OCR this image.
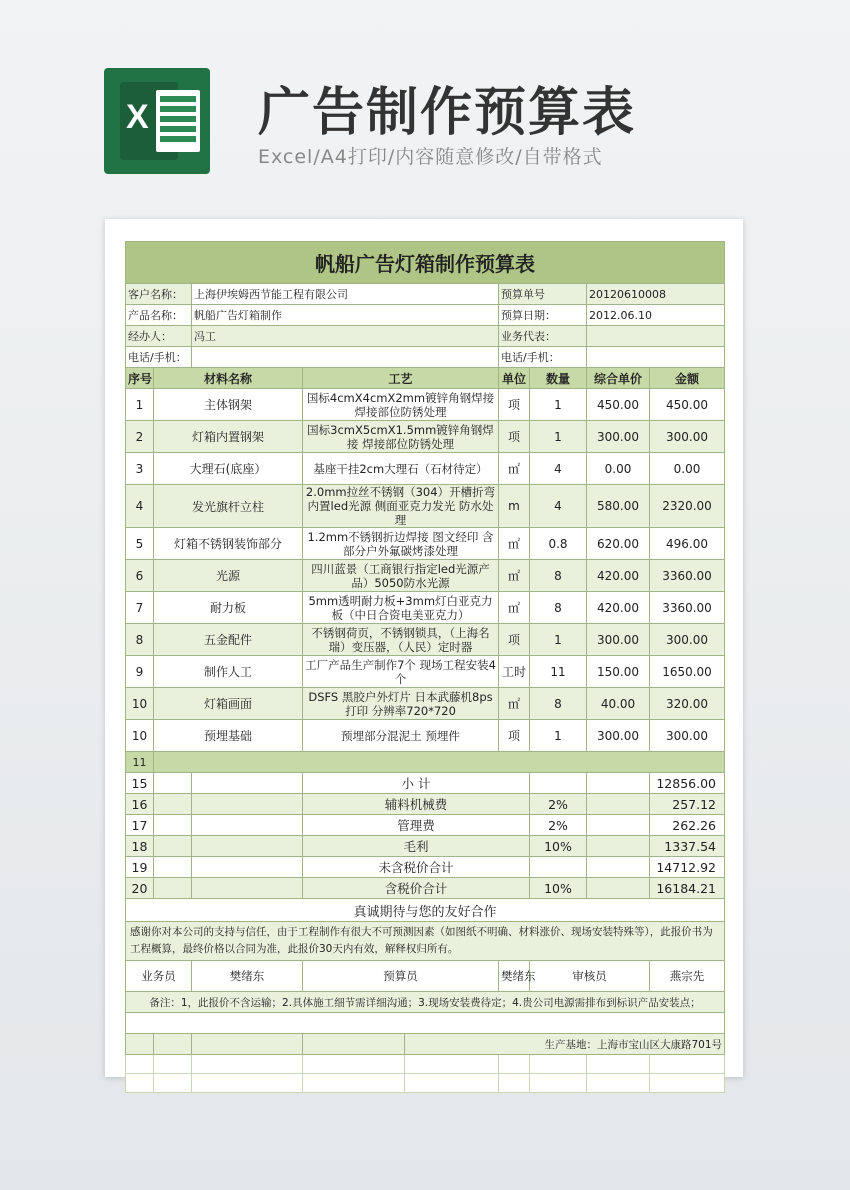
X 广告制作预算表
Excel/A4打印/内容随意修改/自带格式
帆船广告灯箱制作预算表								
客户名称：		上海伊埃姆西节能工程有限公司			预算单号		20120610008	
产品名称：		帆船广告灯箱制作			预算日期：		2012.06.10	
经办人：		冯工			业务代表：			
电话/手机：					电话/手机：			
序号	材料名称		工艺		单位	数量	综合单价	金额
1	主体钢架		国标4cmX4cmX2mm镀锌角钢焊接 焊接部位防锈处理		项	1	450.00	450.00
2	灯箱内置钢架		国标3cmX5cmX1.5mm镀锌角钢焊接 焊接部位防锈处理		项	1	300.00	300.00
3	大理石(底座）		基座干挂2cm大理石（石材待定）		㎡	4	0.00	0.00
4	发光旗杆立柱		2.0mm拉丝不锈钢（304）开槽折弯 内置led光源 侧面亚克力发光 防水处理		m	4	580.00	2320.00
5	灯箱不锈钢装饰部分		1.2mm不锈钢折边焊接 图文经印 含部分户外氟碳烤漆处理		㎡	0.8	620.00	496.00
6	光源		四川蓝景（工商银行指定led光源产品）5050防水光源		㎡	8	420.00	3360.00
7	耐力板		5mm透明耐力板+3mm灯白亚克力板（中日合资电美亚克力）		㎡	8	420.00	3360.00
8	五金配件		不锈钢荷页，不锈钢锁具，（上海名瑞）变压器，（人民）定时器		项	1	300.00	300.00
9	制作人工		工厂产品生产制作7个 现场工程安装4个		工时	11	150.00	1650.00
10	灯箱画面		DSFS 黑胶户外灯片 日本武藤机8ps打印 分辨率720*720		㎡	8	40.00	320.00
10	预埋基础		预埋部分混泥土 预埋件		项	1	300.00	300.00
11								
15			小 计					12856.00
16			辅料机械费			2%		257.12
17			管理费			2%		262.26
18			毛利			10%		1337.54
19			未含税价合计					14712.92
20			含税价合计			10%		16184.21
真诚期待与您的友好合作								
感谢你对本公司的支持与信任，由于工程制作有很大不可预测因素（如图纸不明确、材料涨价、现场安装特殊等），此报价书为工程概算，最终价格以合同为准，此报价30天内有效，解释权归所有。								
业务员		樊绪东	预算员		樊绪东	审核员		燕宗先
备注：1，此报价不含运输；2.具体施工细节需详细沟通；3.现场安装费待定；4.贵公司电源需排布到标识产品安装点；								

				生产基地：上海市宝山区大康路701号				
